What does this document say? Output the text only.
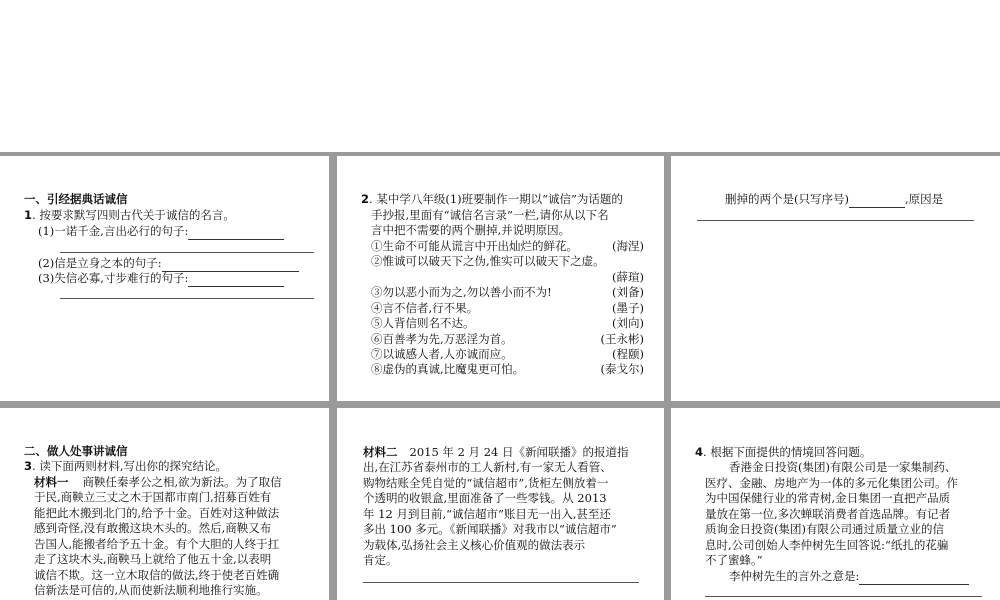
一、引经据典话诚信
1. 按要求默写四则古代关于诚信的名言。
(1)一诺千金,言出必行的句子:
(2)信是立身之本的句子:
(3)失信必寡,寸步难行的句子:
2. 某中学八年级(1)班要制作一期以“诚信”为话题的
手抄报,里面有“诚信名言录”一栏,请你从以下名
言中把不需要的两个删掉,并说明原因。
①生命不可能从谎言中开出灿烂的鲜花。	(海涅)
②惟诚可以破天下之伪,惟实可以破天下之虚。
(薛瑄)
③勿以恶小而为之,勿以善小而不为!	(刘备)
④言不信者,行不果。	(墨子)
⑤人背信则名不达。	(刘向)
⑥百善孝为先,万恶淫为首。	(王永彬)
⑦以诚感人者,人亦诚而应。	(程颐)
⑧虚伪的真诚,比魔鬼更可怕。	(泰戈尔)
删掉的两个是(只写序号)	,原因是
二、做人处事讲诚信
3. 读下面两则材料,写出你的探究结论。
材料一 商鞅任秦孝公之相,欲为新法。为了取信
于民,商鞅立三丈之木于国都市南门,招募百姓有
能把此木搬到北门的,给予十金。百姓对这种做法
感到奇怪,没有敢搬这块木头的。然后,商鞅又布
告国人,能搬者给予五十金。有个大胆的人终于扛
走了这块木头,商鞅马上就给了他五十金,以表明
诚信不欺。这一立木取信的做法,终于使老百姓确
信新法是可信的,从而使新法顺利地推行实施。
材料二 2015 年 2 月 24 日《新闻联播》的报道指
出,在江苏省泰州市的工人新村,有一家无人看管、
购物结账全凭自觉的“诚信超市”,货柜左侧放着一
个透明的收银盒,里面准备了一些零钱。从 2013
年 12 月到目前,“诚信超市”账目无一出入,甚至还
多出 100 多元。《新闻联播》对我市以“诚信超市”
为载体,弘扬社会主义核心价值观的做法表示
肯定。
4. 根据下面提供的情境回答问题。
香港金日投资(集团)有限公司是一家集制药、
医疗、金融、房地产为一体的多元化集团公司。作
为中国保健行业的常青树,金日集团一直把产品质
量放在第一位,多次蝉联消费者首选品牌。有记者
质询金日投资(集团)有限公司通过质量立业的信
息时,公司创始人李仲树先生回答说:“纸扎的花骗
不了蜜蜂。”
李仲树先生的言外之意是:
